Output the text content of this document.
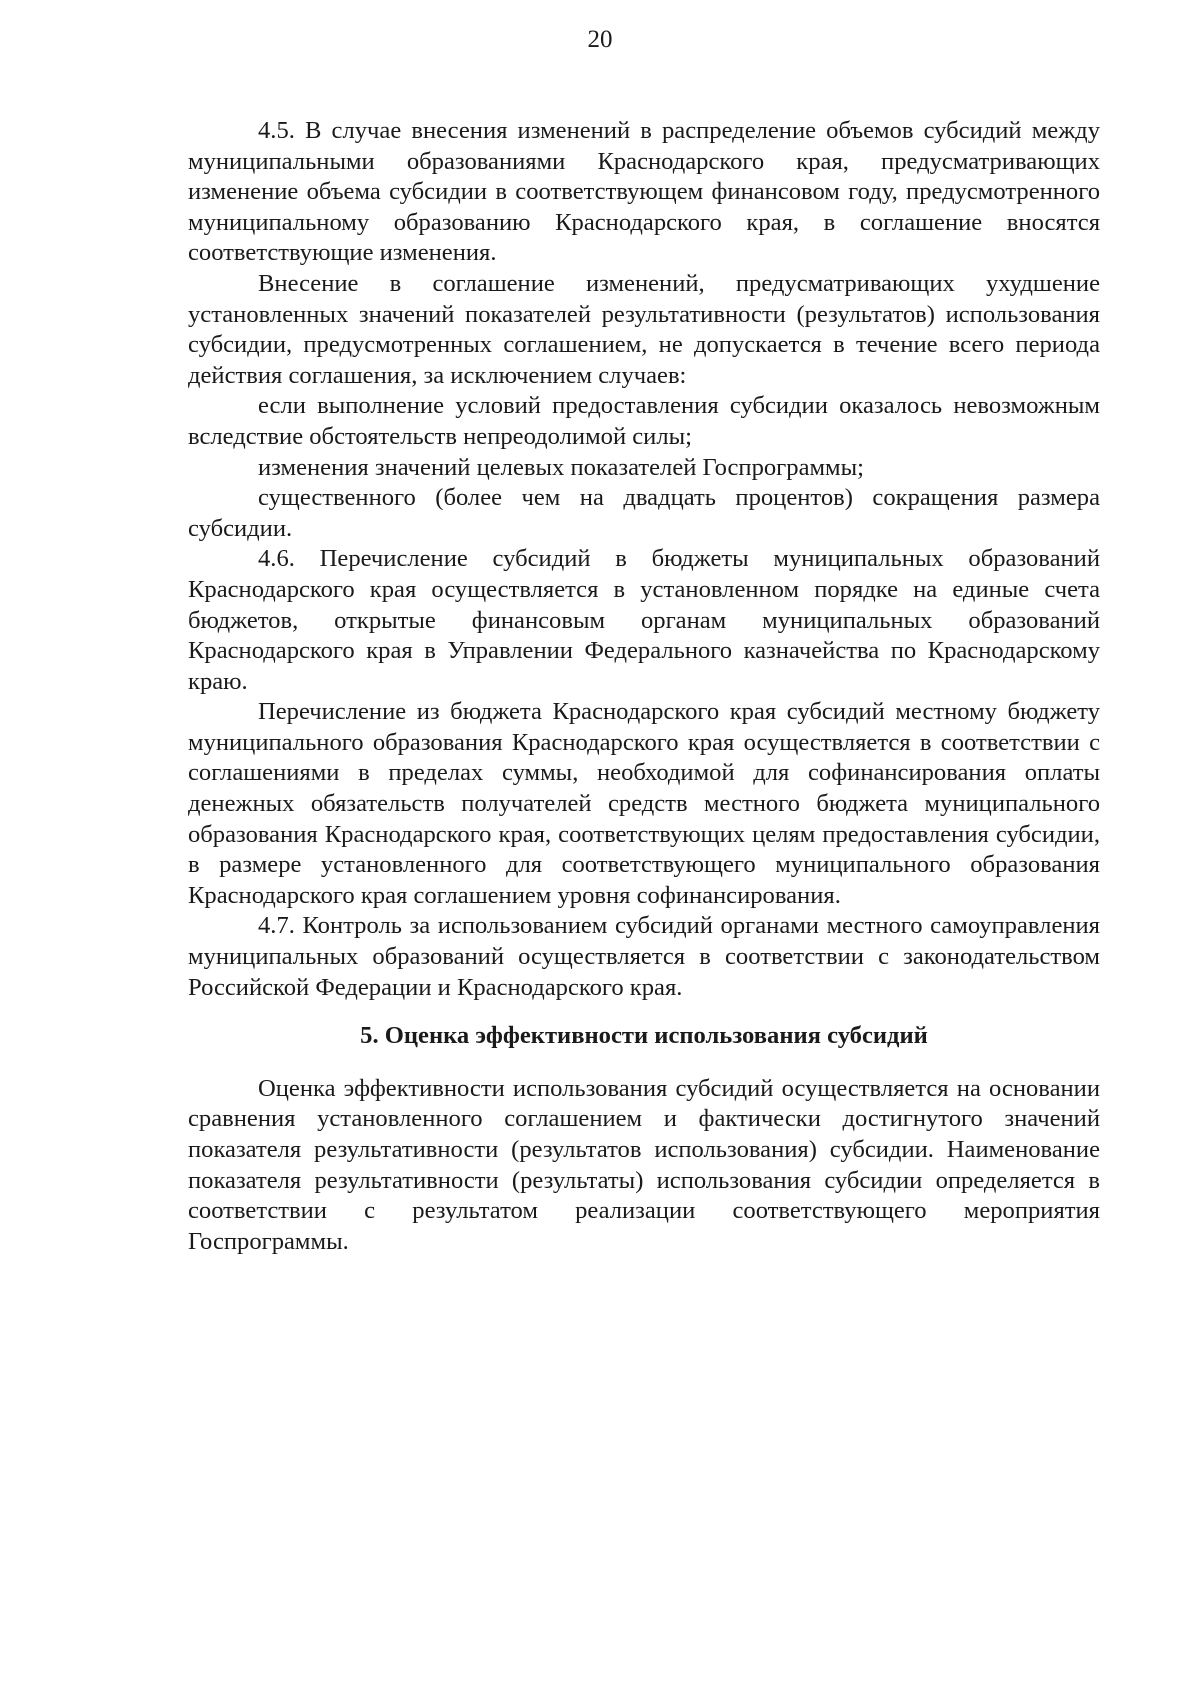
20

4.5. В случае внесения изменений в распределение объемов субсидий между муниципальными образованиями Краснодарского края, предусматривающих изменение объема субсидии в соответствующем финансовом году, предусмотренного муниципальному образованию Краснодарского края, в соглашение вносятся соответствующие изменения.

Внесение в соглашение изменений, предусматривающих ухудшение установленных значений показателей результативности (результатов) использования субсидии, предусмотренных соглашением, не допускается в течение всего периода действия соглашения, за исключением случаев:

если выполнение условий предоставления субсидии оказалось невозможным вследствие обстоятельств непреодолимой силы;

изменения значений целевых показателей Госпрограммы;

существенного (более чем на двадцать процентов) сокращения размера субсидии.

4.6. Перечисление субсидий в бюджеты муниципальных образований Краснодарского края осуществляется в установленном порядке на единые счета бюджетов, открытые финансовым органам муниципальных образований Краснодарского края в Управлении Федерального казначейства по Краснодарскому краю.

Перечисление из бюджета Краснодарского края субсидий местному бюджету муниципального образования Краснодарского края осуществляется в соответствии с соглашениями в пределах суммы, необходимой для софинансирования оплаты денежных обязательств получателей средств местного бюджета муниципального образования Краснодарского края, соответствующих целям предоставления субсидии, в размере установленного для соответствующего муниципального образования Краснодарского края соглашением уровня софинансирования.

4.7. Контроль за использованием субсидий органами местного самоуправления муниципальных образований осуществляется в соответствии с законодательством Российской Федерации и Краснодарского края.

5. Оценка эффективности использования субсидий

Оценка эффективности использования субсидий осуществляется на основании сравнения установленного соглашением и фактически достигнутого значений показателя результативности (результатов использования) субсидии. Наименование показателя результативности (результаты) использования субсидии определяется в соответствии с результатом реализации соответствующего мероприятия Госпрограммы.
